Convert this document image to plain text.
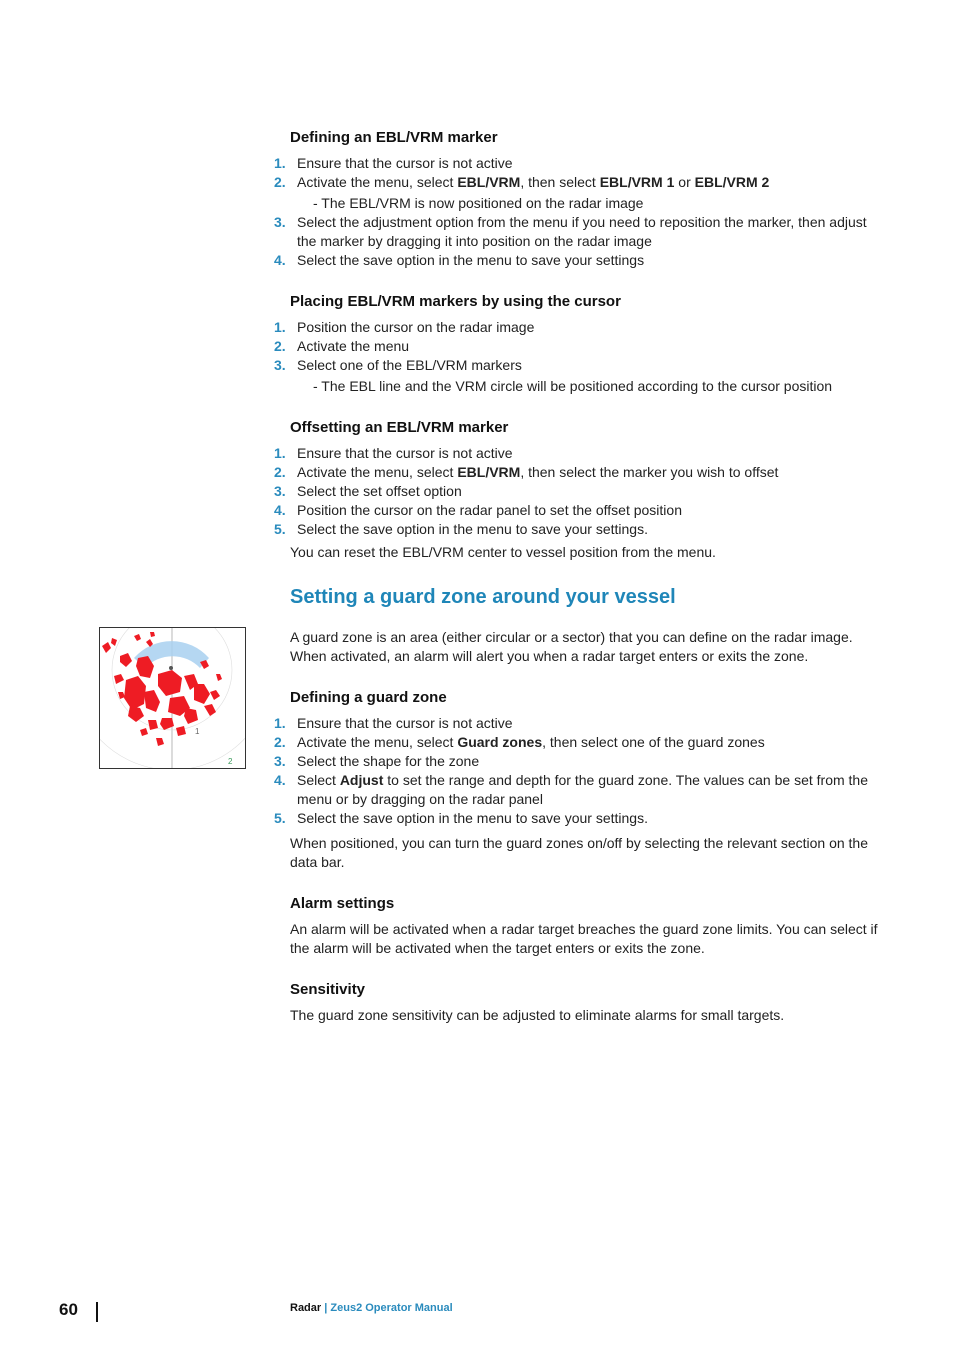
1
2
Defining an EBL/VRM marker
1. Ensure that the cursor is not active
2. Activate the menu, select EBL/VRM, then select EBL/VRM 1 or EBL/VRM 2
- The EBL/VRM is now positioned on the radar image
3. Select the adjustment option from the menu if you need to reposition the marker, then adjust the marker by dragging it into position on the radar image
4. Select the save option in the menu to save your settings
Placing EBL/VRM markers by using the cursor
1. Position the cursor on the radar image
2. Activate the menu
3. Select one of the EBL/VRM markers
- The EBL line and the VRM circle will be positioned according to the cursor position
Offsetting an EBL/VRM marker
1. Ensure that the cursor is not active
2. Activate the menu, select EBL/VRM, then select the marker you wish to offset
3. Select the set offset option
4. Position the cursor on the radar panel to set the offset position
5. Select the save option in the menu to save your settings.

You can reset the EBL/VRM center to vessel position from the menu.

Setting a guard zone around your vessel

A guard zone is an area (either circular or a sector) that you can define on the radar image. When activated, an alarm will alert you when a radar target enters or exits the zone.

Defining a guard zone
1. Ensure that the cursor is not active
2. Activate the menu, select Guard zones, then select one of the guard zones
3. Select the shape for the zone
4. Select Adjust to set the range and depth for the guard zone. The values can be set from the menu or by dragging on the radar panel
5. Select the save option in the menu to save your settings.

When positioned, you can turn the guard zones on/off by selecting the relevant section on the data bar.

Alarm settings

An alarm will be activated when a radar target breaches the guard zone limits. You can select if the alarm will be activated when the target enters or exits the zone.

Sensitivity

The guard zone sensitivity can be adjusted to eliminate alarms for small targets.

60	Radar | Zeus2 Operator Manual
